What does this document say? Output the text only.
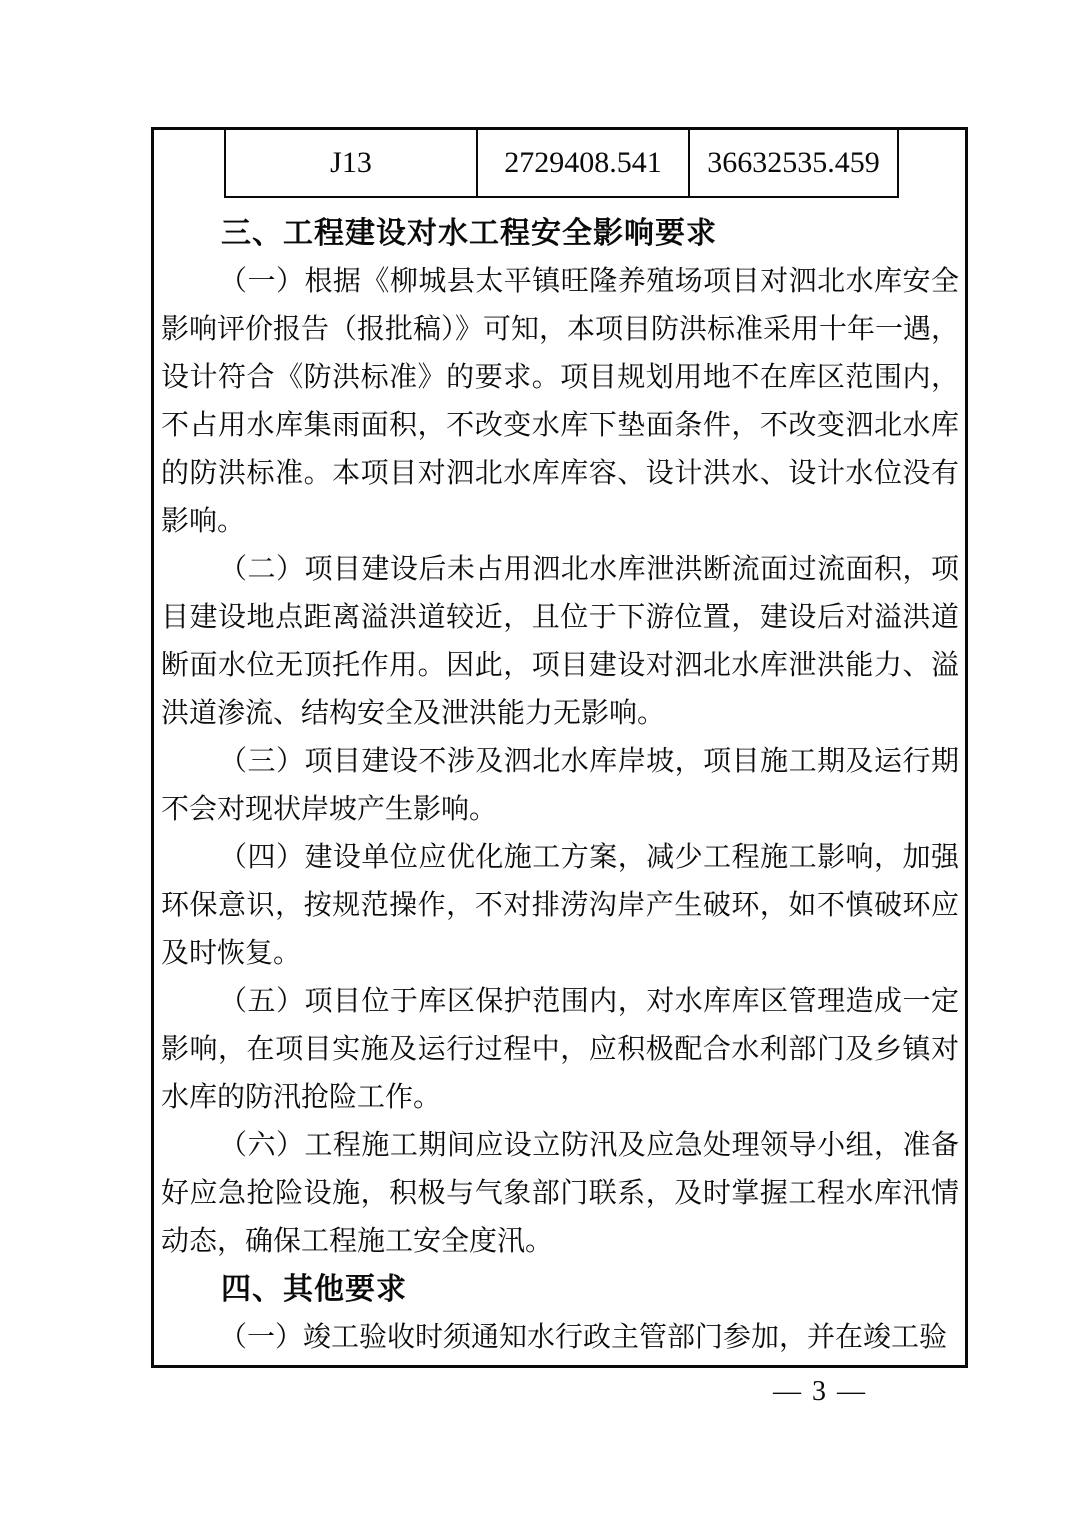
J13	2729408.541	36632535.459
三、工程建设对水工程安全影响要求

（一）根据《柳城县太平镇旺隆养殖场项目对泗北水库安全影响评价报告（报批稿）》可知，本项目防洪标准采用十年一遇，设计符合《防洪标准》的要求。项目规划用地不在库区范围内，不占用水库集雨面积，不改变水库下垫面条件，不改变泗北水库的防洪标准。本项目对泗北水库库容、设计洪水、设计水位没有影响。

（二）项目建设后未占用泗北水库泄洪断流面过流面积，项目建设地点距离溢洪道较近，且位于下游位置，建设后对溢洪道断面水位无顶托作用。因此，项目建设对泗北水库泄洪能力、溢洪道渗流、结构安全及泄洪能力无影响。

（三）项目建设不涉及泗北水库岸坡，项目施工期及运行期不会对现状岸坡产生影响。

（四）建设单位应优化施工方案，减少工程施工影响，加强环保意识，按规范操作，不对排涝沟岸产生破环，如不慎破环应及时恢复。

（五）项目位于库区保护范围内，对水库库区管理造成一定影响，在项目实施及运行过程中，应积极配合水利部门及乡镇对水库的防汛抢险工作。

（六）工程施工期间应设立防汛及应急处理领导小组，准备好应急抢险设施，积极与气象部门联系，及时掌握工程水库汛情动态，确保工程施工安全度汛。

四、其他要求

（一）竣工验收时须通知水行政主管部门参加，并在竣工验

— 3 —
